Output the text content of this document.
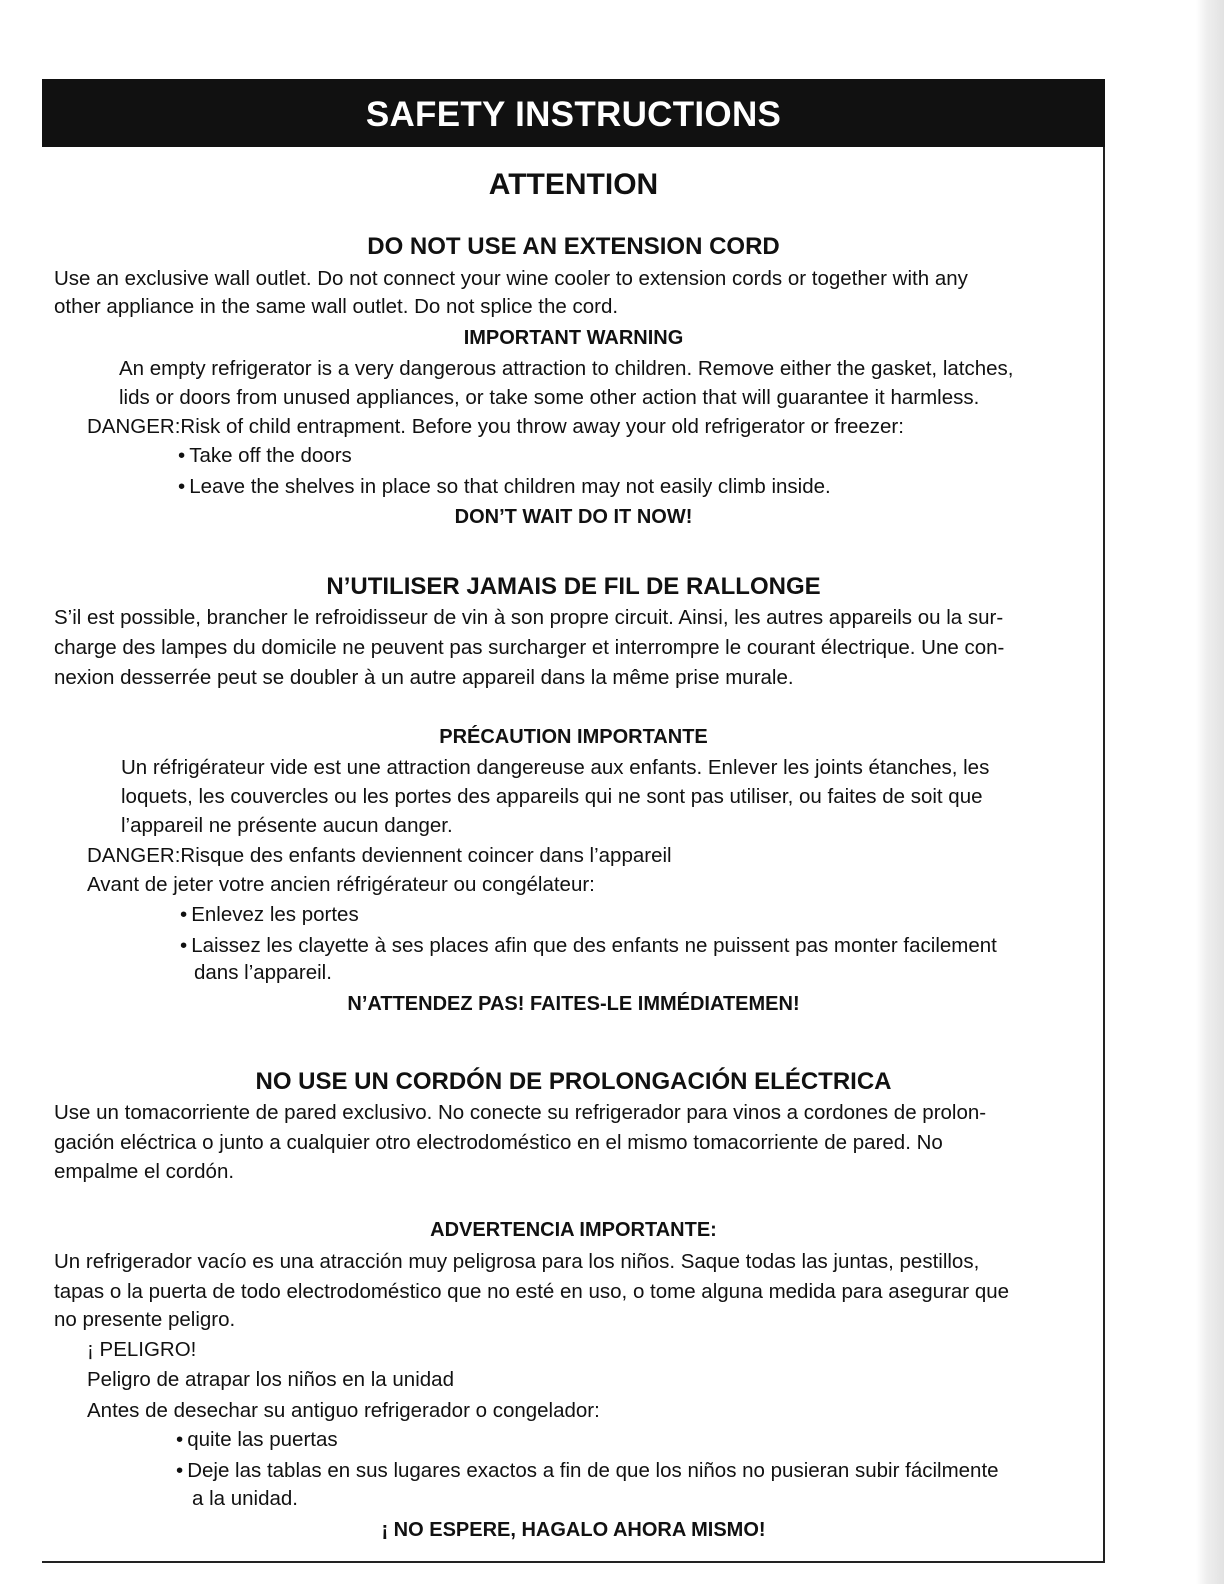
SAFETY INSTRUCTIONS
ATTENTION
DO NOT USE AN EXTENSION CORD
Use an exclusive wall outlet. Do not connect your wine cooler to extension cords or together with any
other appliance in the same wall outlet. Do not splice the cord.
IMPORTANT WARNING
An empty refrigerator is a very dangerous attraction to children. Remove either the gasket, latches,
lids or doors from unused appliances, or take some other action that will guarantee it harmless.
DANGER:Risk of child entrapment. Before you throw away your old refrigerator or freezer:
• Take off the doors
• Leave the shelves in place so that children may not easily climb inside.
DON’T WAIT DO IT NOW!
N’UTILISER JAMAIS DE FIL DE RALLONGE
S’il est possible, brancher le refroidisseur de vin à son propre circuit. Ainsi, les autres appareils ou la sur-
charge des lampes du domicile ne peuvent pas surcharger et interrompre le courant électrique. Une con-
nexion desserrée peut se doubler à un autre appareil dans la même prise murale.
PRÉCAUTION IMPORTANTE
Un réfrigérateur vide est une attraction dangereuse aux enfants. Enlever les joints étanches, les
loquets, les couvercles ou les portes des appareils qui ne sont pas utiliser, ou faites de soit que
l’appareil ne présente aucun danger.
DANGER:Risque des enfants deviennent coincer dans l’appareil
Avant de jeter votre ancien réfrigérateur ou congélateur:
• Enlevez les portes
• Laissez les clayette à ses places afin que des enfants ne puissent pas monter facilement
dans l’appareil.
N’ATTENDEZ PAS! FAITES-LE IMMÉDIATEMEN!
NO USE UN CORDÓN DE PROLONGACIÓN ELÉCTRICA
Use un tomacorriente de pared exclusivo. No conecte su refrigerador para vinos a cordones de prolon-
gación eléctrica o junto a cualquier otro electrodoméstico en el mismo tomacorriente de pared. No
empalme el cordón.
ADVERTENCIA IMPORTANTE:
Un refrigerador vacío es una atracción muy peligrosa para los niños. Saque todas las juntas, pestillos,
tapas o la puerta de todo electrodoméstico que no esté en uso, o tome alguna medida para asegurar que
no presente peligro.
¡ PELIGRO!
Peligro de atrapar los niños en la unidad
Antes de desechar su antiguo refrigerador o congelador:
• quite las puertas
• Deje las tablas en sus lugares exactos a fin de que los niños no pusieran subir fácilmente
a la unidad.
¡ NO ESPERE, HAGALO AHORA MISMO!
